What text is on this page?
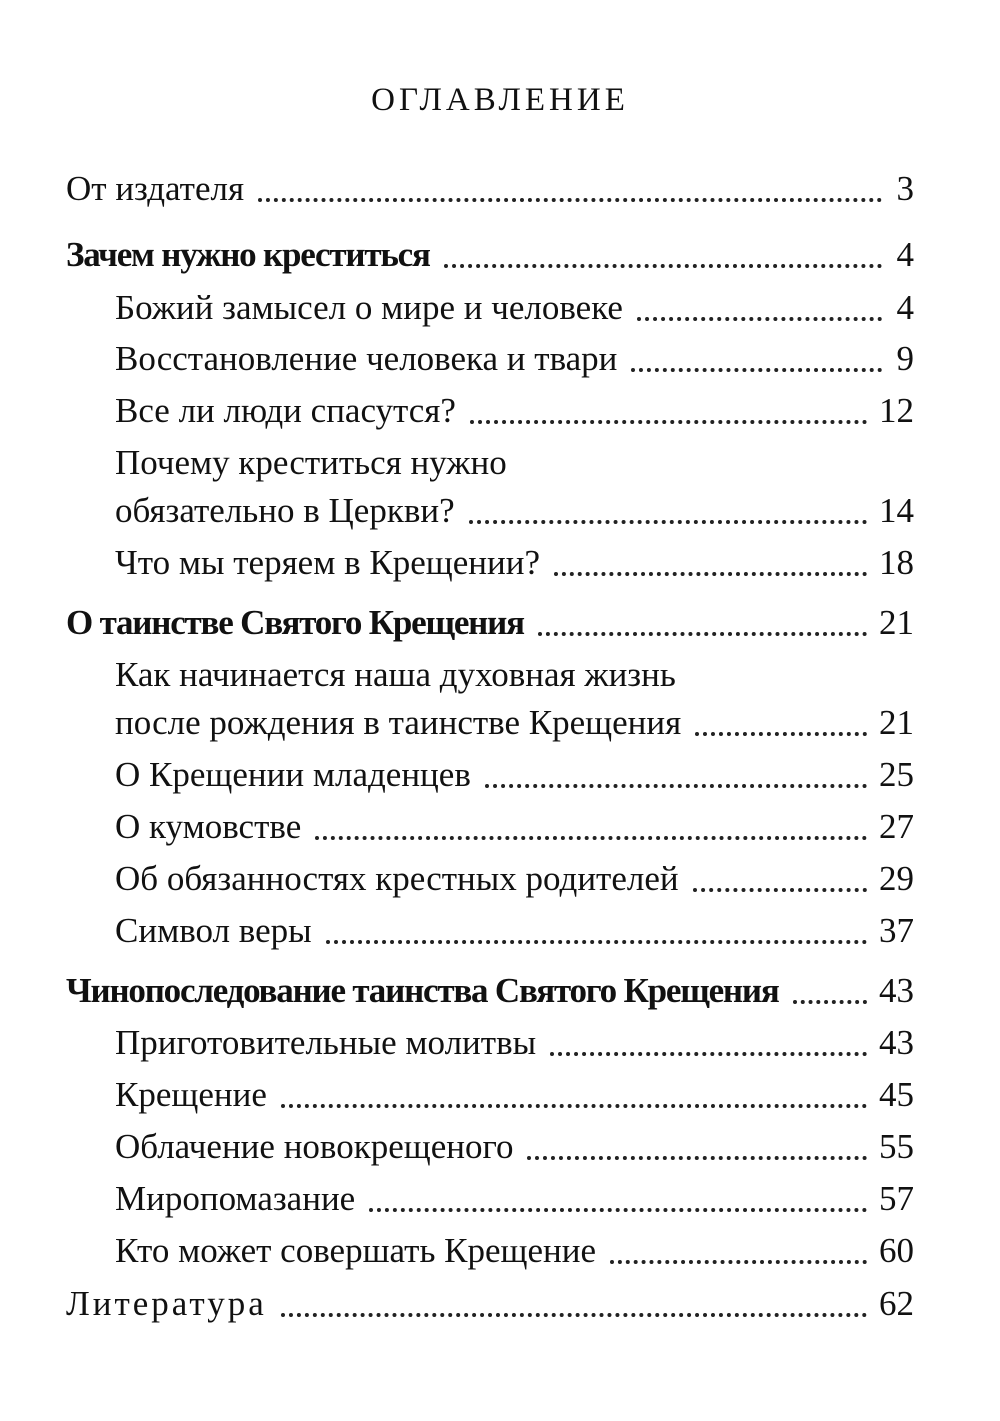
ОГЛАВЛЕНИЕ
От издателя	3
Зачем нужно креститься	4
Божий замысел о мире и человеке	4
Восстановление человека и твари	9
Все ли люди спасутся?	12
Почему креститься нужно
обязательно в Церкви?	14
Что мы теряем в Крещении?	18
О таинстве Святого Крещения	21
Как начинается наша духовная жизнь
после рождения в таинстве Крещения	21
О Крещении младенцев	25
О кумовстве	27
Об обязанностях крестных родителей	29
Символ веры	37
Чинопоследование таинства Святого Крещения	43
Приготовительные молитвы	43
Крещение	45
Облачение новокрещеного	55
Миропомазание	57
Кто может совершать Крещение	60
Литература	62
